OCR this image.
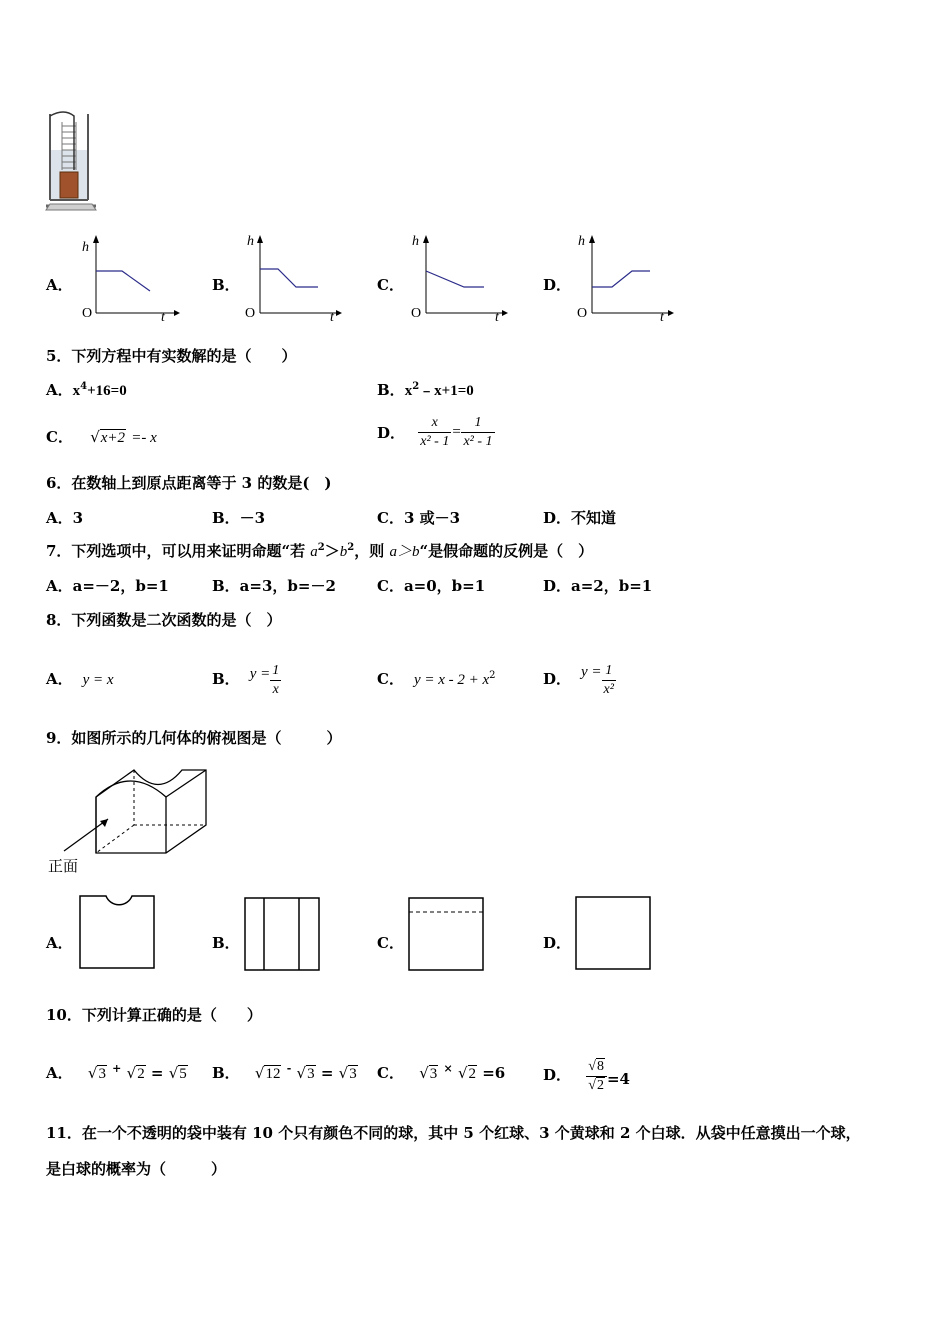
A．
h
t
O
B．
h
t
O
C．
h
t
O
D．
h
t
O
5．下列方程中有实数解的是（　　）
A．$x^4+16=0$	B．$x^2﹣x+1=0$
C． √x+2 =- x	D． $\frac{x}{\text{x² - 1}} = \frac{1}{\text{x² - 1}}$
6．在数轴上到原点距离等于 3 的数是(　)
A．3	B．－3	C．3 或－3	D．不知道
7．下列选项中，可以用来证明命题“若 $a^2>b^2$，则 a＞b“是假命题的反例是（　）
A．a=－2，b=1	B．a=3，b=－2	C．a=0，b=1	D．a=2，b=1
8．下列函数是二次函数的是（　）
A． y = x	B． $y = \frac{1}{x}$	C． $y = x - 2 + x^2$	D． $y = \frac{1}{\text{x²}}$
9．如图所示的几何体的俯视图是（　　　）
正面
A．	B．	C．	D．
10．下列计算正确的是（　　）
A． √3 + √2 = √5 B． √12 - √3 = √3 C． √3 × √2 =6	D． $\frac{√8}{√2} =4$
11．在一个不透明的袋中装有 10 个只有颜色不同的球，其中 5 个红球、3 个黄球和 2 个白球．从袋中任意摸出一个球，
是白球的概率为（　　　）
